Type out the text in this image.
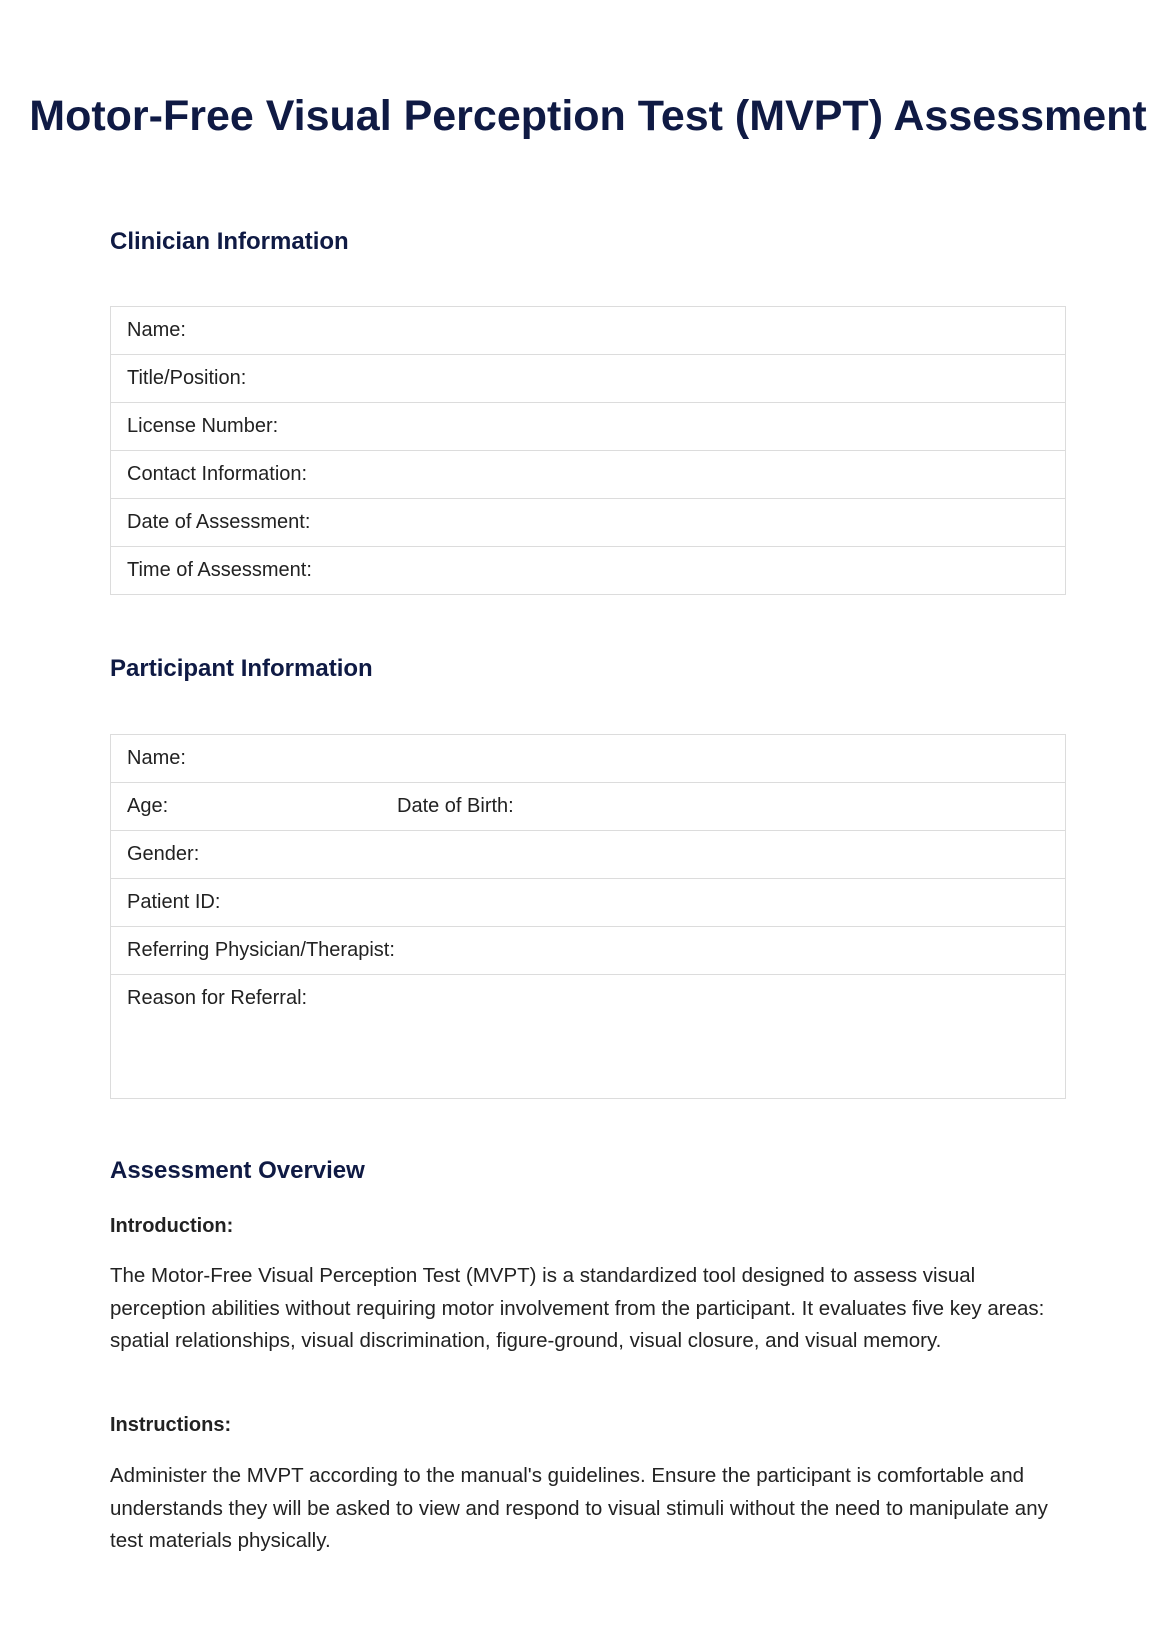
Motor-Free Visual Perception Test (MVPT) Assessment
Clinician Information
Name:
Title/Position:
License Number:
Contact Information:
Date of Assessment:
Time of Assessment:
Participant Information
Name:
Age:	Date of Birth:
Gender:
Patient ID:
Referring Physician/Therapist:
Reason for Referral:
Assessment Overview
Introduction:

The Motor-Free Visual Perception Test (MVPT) is a standardized tool designed to assess visual perception abilities without requiring motor involvement from the participant. It evaluates five key areas: spatial relationships, visual discrimination, figure-ground, visual closure, and visual memory.

Instructions:

Administer the MVPT according to the manual's guidelines. Ensure the participant is comfortable and understands they will be asked to view and respond to visual stimuli without the need to manipulate any test materials physically.
